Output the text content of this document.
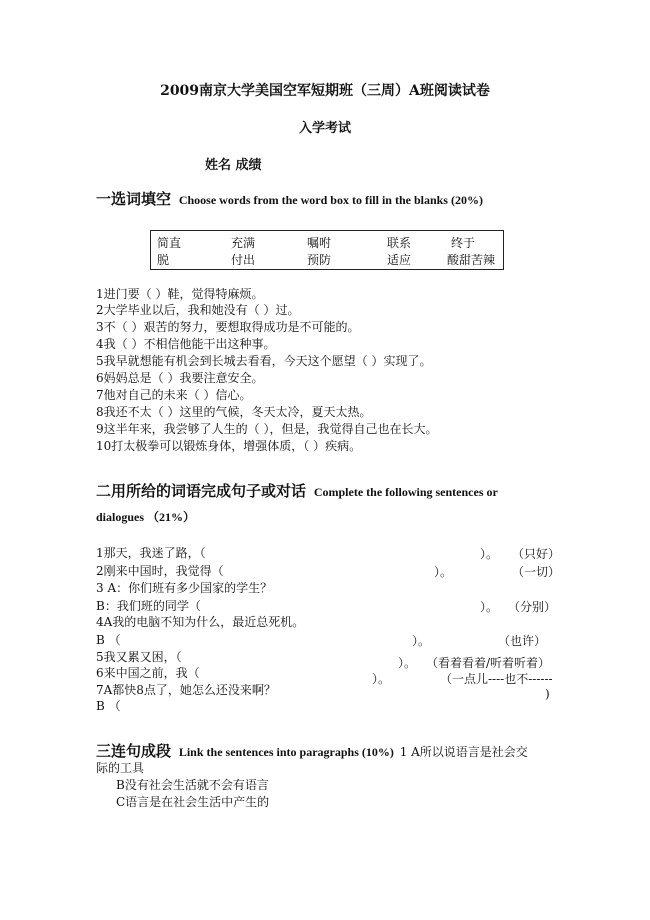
2009南京大学美国空军短期班（三周）A班阅读试卷
入学考试
姓名 成绩
一选词填空 Choose words from the word box to fill in the blanks (20%)
简直	充满	嘱咐	联系	终于
脱	付出	预防	适应	酸甜苦辣
1进门要（ ）鞋，觉得特麻烦。
2大学毕业以后，我和她没有（ ）过。
3不（ ）艰苦的努力，要想取得成功是不可能的。
4我（ ）不相信他能干出这种事。
5我早就想能有机会到长城去看看，今天这个愿望（ ）实现了。
6妈妈总是（ ）我要注意安全。
7他对自己的未来（ ）信心。
8我还不太（ ）这里的气候，冬天太冷，夏天太热。
9这半年来，我尝够了人生的（ ），但是，我觉得自己也在长大。
10打太极拳可以锻炼身体，增强体质，（ ）疾病。
二用所给的词语完成句子或对话 Complete the following sentences or
dialogues （21%）
1那天，我迷了路，（	）。 （只好）
2刚来中国时，我觉得（	）。	（一切）
3 A：你们班有多少国家的学生？
B：我们班的同学（	）。 （分别）
4A我的电脑不知为什么，最近总死机。
B （	）。	（也许）
5我又累又困，（	）。 （看着看着/听着听着）
6来中国之前，我（	）。	（一点儿----也不------
7A都快8点了，她怎么还没来啊？	)
B （
三连句成段 Link the sentences into paragraphs (10%) 1 A所以说语言是社会交
际的工具
B没有社会生活就不会有语言
C语言是在社会生活中产生的
